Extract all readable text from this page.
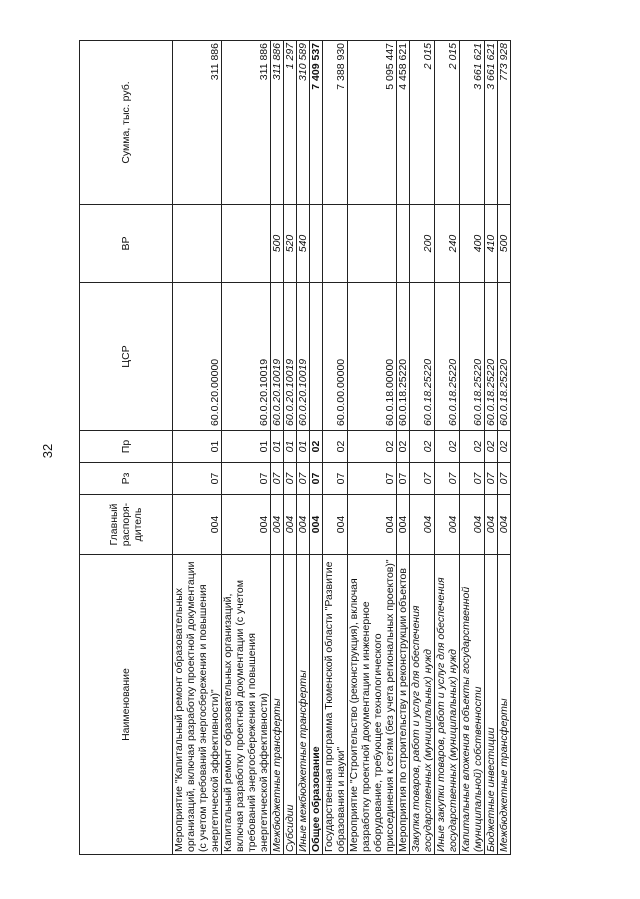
32
Наименование	Главный распоря-дитель	Рз	Пр	ЦСР	ВР	Сумма, тыс. руб.
Мероприятие "Капитальный ремонт образовательных организаций, включая разработку проектной документации (с учетом требований энергосбережения и повышения энергетической эффективности)"	004	07	01	60.0.20.00000		311 886
Капитальный ремонт образовательных организаций, включая разработку проектной документации (с учетом требований энергосбережения и повышения энергетической эффективности)	004	07	01	60.0.20.10019		311 886
Межбюджетные трансферты	004	07	01	60.0.20.10019	500	311 886
Субсидии	004	07	01	60.0.20.10019	520	1 297
Иные межбюджетные трансферты	004	07	01	60.0.20.10019	540	310 589
Общее образование	004	07	02			7 409 537
Государственная программа Тюменской области "Развитие образования и науки"	004	07	02	60.0.00.00000		7 388 930
Мероприятие "Строительство (реконструкция), включая разработку проектной документации и инженерное оборудование, требующее технологического присоединения к сетям (без учета региональных проектов)"	004	07	02	60.0.18.00000		5 095 447
Мероприятия по строительству и реконструкции объектов	004	07	02	60.0.18.25220		4 458 621
Закупка товаров, работ и услуг для обеспечения государственных (муниципальных) нужд	004	07	02	60.0.18.25220	200	2 015
Иные закупки товаров, работ и услуг для обеспечения государственных (муниципальных) нужд	004	07	02	60.0.18.25220	240	2 015
Капитальные вложения в объекты государственной (муниципальной) собственности	004	07	02	60.0.18.25220	400	3 661 621
Бюджетные инвестиции	004	07	02	60.0.18.25220	410	3 661 621
Межбюджетные трансферты	004	07	02	60.0.18.25220	500	773 928
